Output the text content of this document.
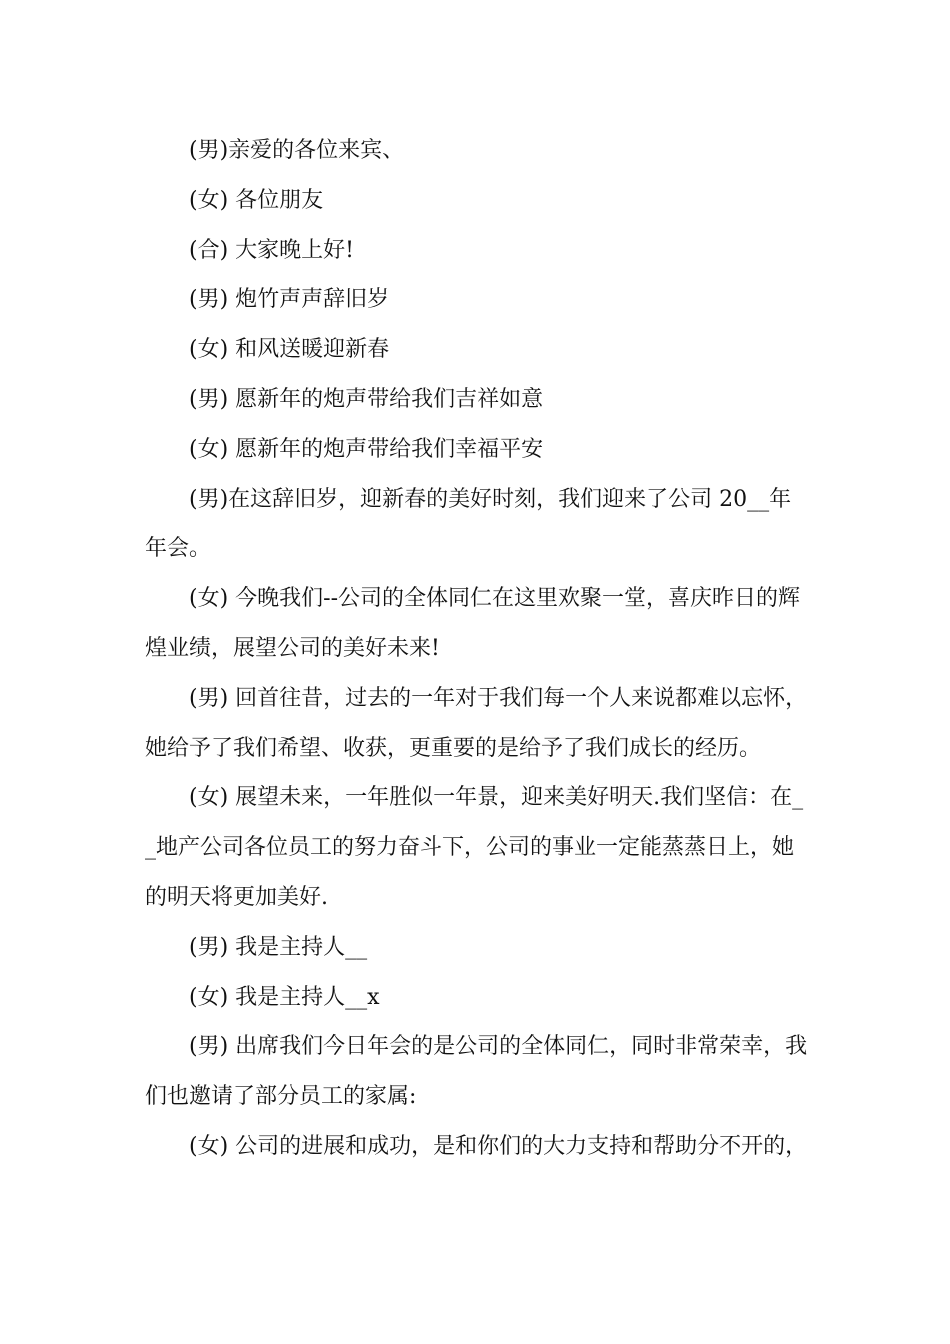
(男)亲爱的各位来宾、

(女) 各位朋友

(合) 大家晚上好!

(男) 炮竹声声辞旧岁

(女) 和风送暖迎新春

(男) 愿新年的炮声带给我们吉祥如意

(女) 愿新年的炮声带给我们幸福平安

(男)在这辞旧岁，迎新春的美好时刻，我们迎来了公司 20__年年会。

(女) 今晚我们--公司的全体同仁在这里欢聚一堂，喜庆昨日的辉煌业绩，展望公司的美好未来!

(男) 回首往昔，过去的一年对于我们每一个人来说都难以忘怀，她给予了我们希望、收获，更重要的是给予了我们成长的经历。

(女) 展望未来，一年胜似一年景，迎来美好明天.我们坚信：在__地产公司各位员工的努力奋斗下，公司的事业一定能蒸蒸日上，她的明天将更加美好.

(男) 我是主持人__

(女) 我是主持人__x

(男) 出席我们今日年会的是公司的全体同仁，同时非常荣幸，我们也邀请了部分员工的家属:

(女) 公司的进展和成功，是和你们的大力支持和帮助分不开的，
